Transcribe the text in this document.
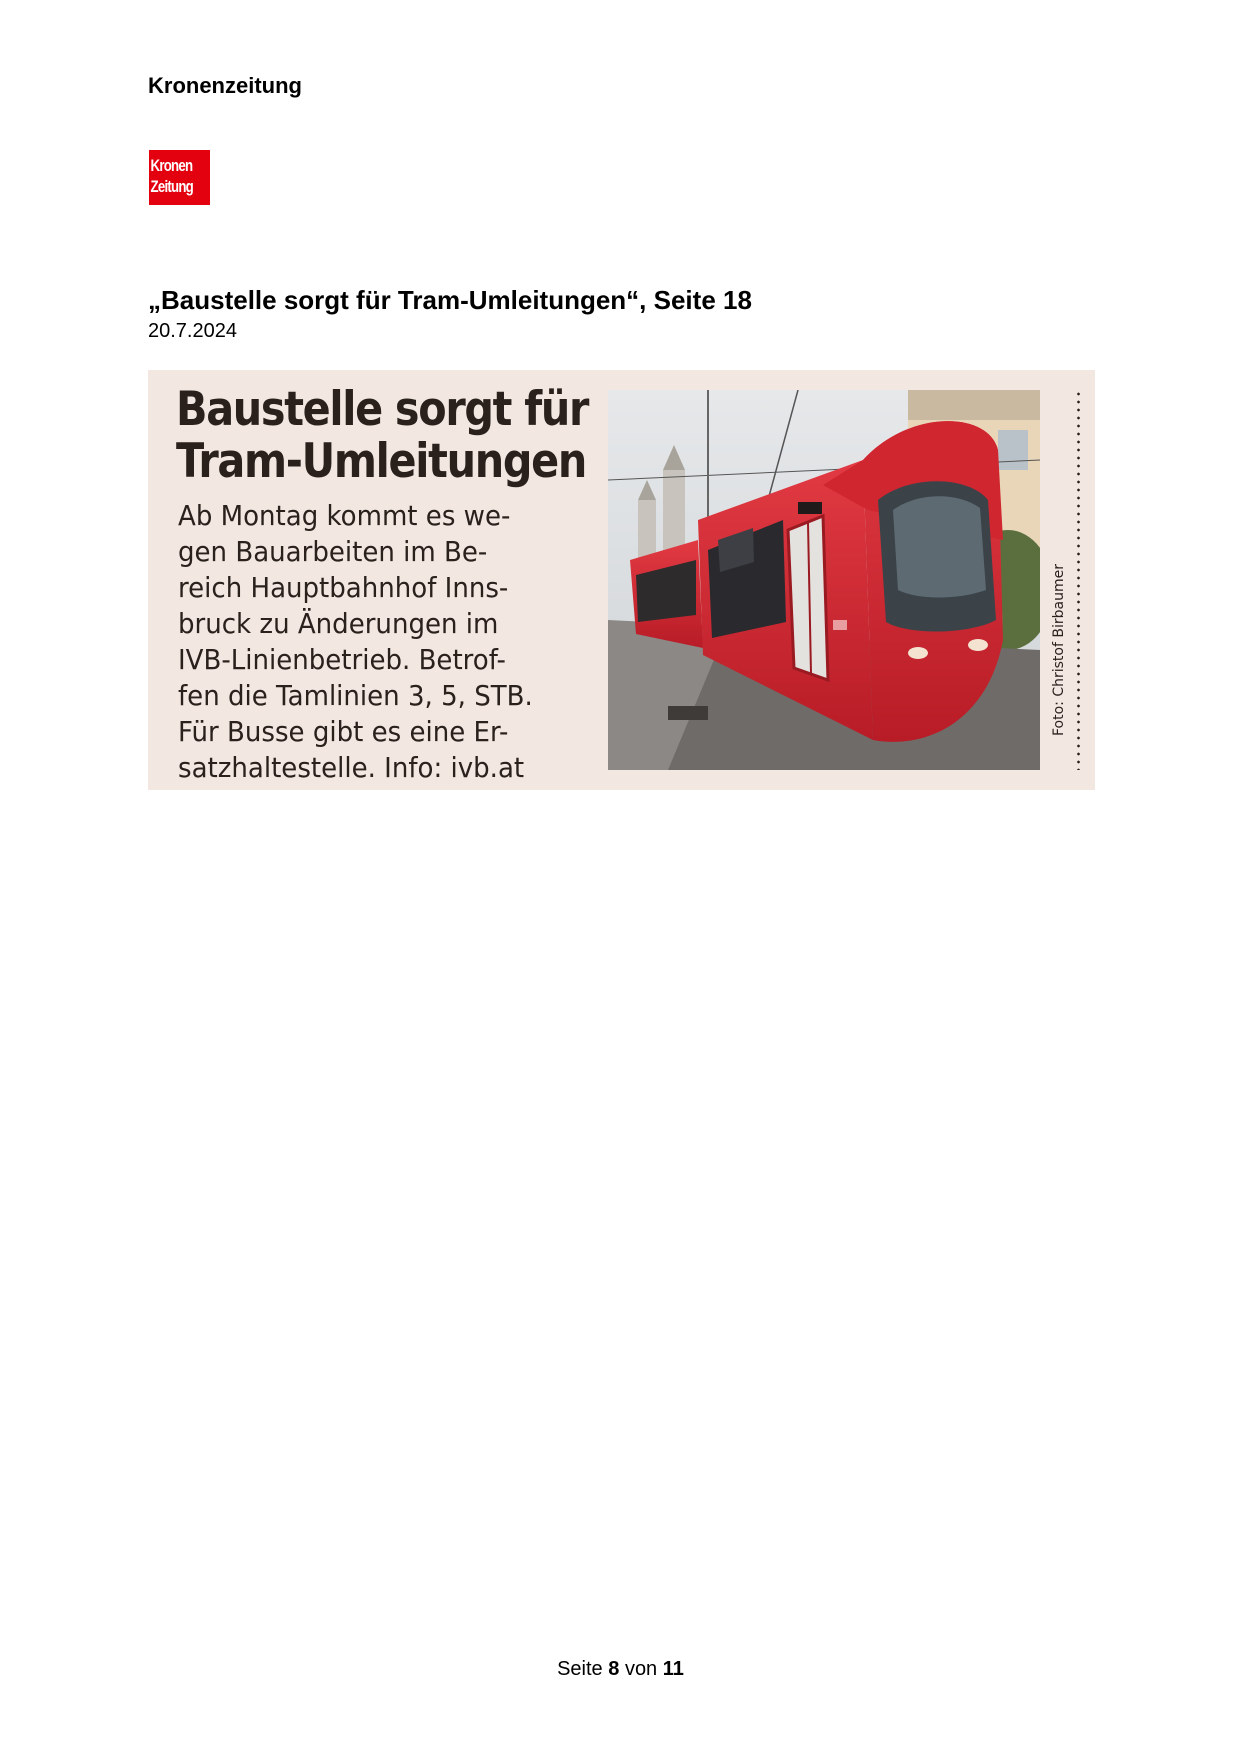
Kronenzeitung
Kronen
Zeitung
„Baustelle sorgt für Tram-Umleitungen“, Seite 18
20.7.2024
Baustelle sorgt für
Tram-Umleitungen
Ab Montag kommt es we-
gen Bauarbeiten im Be-
reich Hauptbahnhof Inns-
bruck zu Änderungen im
IVB-Linienbetrieb. Betrof-
fen die Tamlinien 3, 5, STB.
Für Busse gibt es eine Er-
satzhaltestelle. Info: ivb.at
Foto: Christof Birbaumer
Seite 8 von 11
